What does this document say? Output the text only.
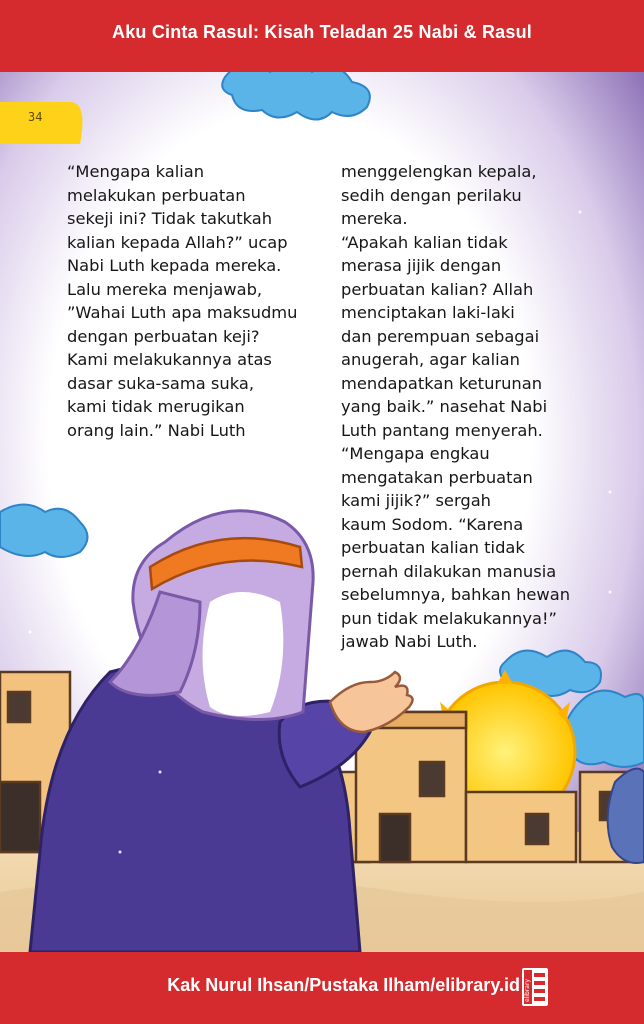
Aku Cinta Rasul: Kisah Teladan 25 Nabi & Rasul
34
“Mengapa kalian
melakukan perbuatan
sekeji ini? Tidak takutkah
kalian kepada Allah?” ucap
Nabi Luth kepada mereka.
Lalu mereka menjawab,
”Wahai Luth apa maksudmu
dengan perbuatan keji?
Kami melakukannya atas
dasar suka-sama suka,
kami tidak merugikan
orang lain.” Nabi Luth
menggelengkan kepala,
sedih dengan perilaku
mereka.
“Apakah kalian tidak
merasa jijik dengan
perbuatan kalian? Allah
menciptakan laki-laki
dan perempuan sebagai
anugerah, agar kalian
mendapatkan keturunan
yang baik.” nasehat Nabi
Luth pantang menyerah.
“Mengapa engkau
mengatakan perbuatan
kami jijik?” sergah
kaum Sodom. “Karena
perbuatan kalian tidak
pernah dilakukan manusia
sebelumnya, bahkan hewan
pun tidak melakukannya!”
jawab Nabi Luth.
Kak Nurul Ihsan/Pustaka Ilham/elibrary.id elibrary
